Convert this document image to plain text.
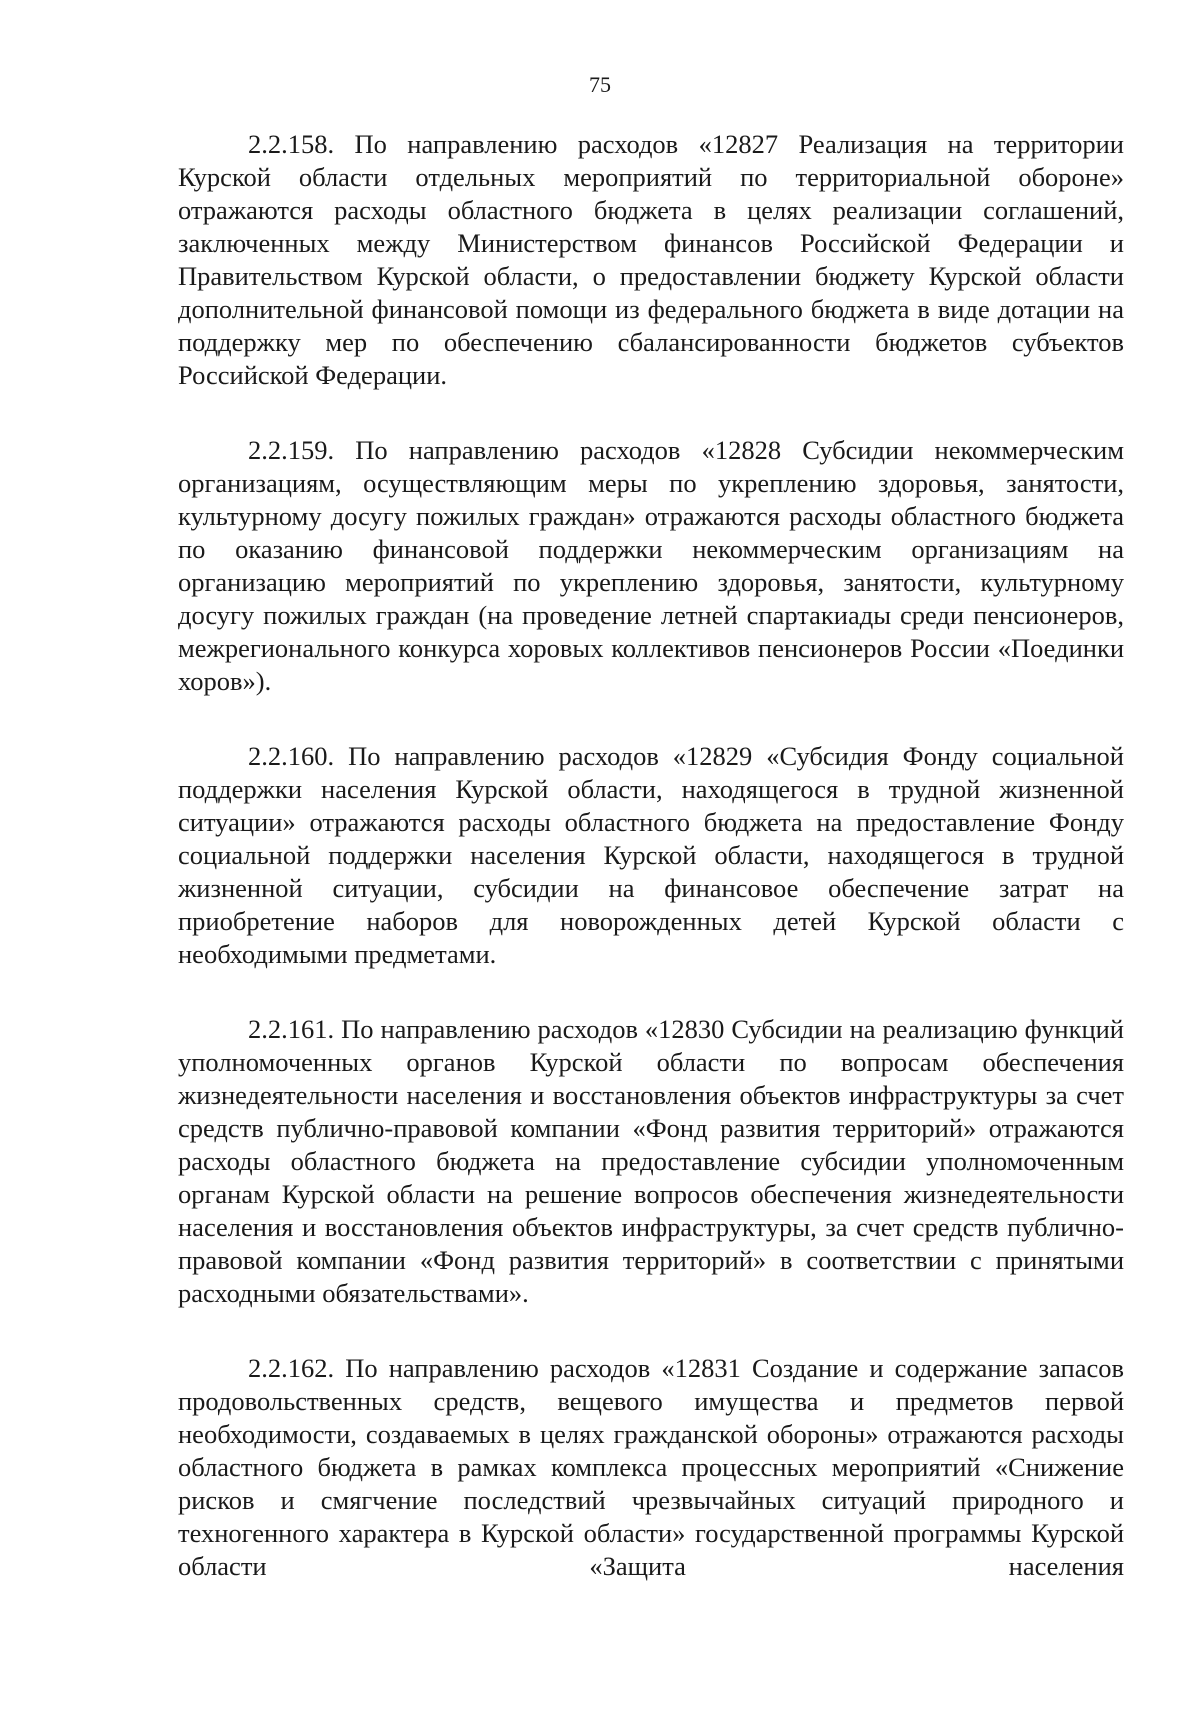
75

2.2.158. По направлению расходов «12827 Реализация на территории Курской области отдельных мероприятий по территориальной обороне» отражаются расходы областного бюджета в целях реализации соглашений, заключенных между Министерством финансов Российской Федерации и Правительством Курской области, о предоставлении бюджету Курской области дополнительной финансовой помощи из федерального бюджета в виде дотации на поддержку мер по обеспечению сбалансированности бюджетов субъектов Российской Федерации.

2.2.159. По направлению расходов «12828 Субсидии некоммерческим организациям, осуществляющим меры по укреплению здоровья, занятости, культурному досугу пожилых граждан» отражаются расходы областного бюджета по оказанию финансовой поддержки некоммерческим организациям на организацию мероприятий по укреплению здоровья, занятости, культурному досугу пожилых граждан (на проведение летней спартакиады среди пенсионеров, межрегионального конкурса хоровых коллективов пенсионеров России «Поединки хоров»).

2.2.160. По направлению расходов «12829 «Субсидия Фонду социальной поддержки населения Курской области, находящегося в трудной жизненной ситуации» отражаются расходы областного бюджета на предоставление Фонду социальной поддержки населения Курской области, находящегося в трудной жизненной ситуации, субсидии на финансовое обеспечение затрат на приобретение наборов для новорожденных детей Курской области с необходимыми предметами.

2.2.161. По направлению расходов «12830 Субсидии на реализацию функций уполномоченных органов Курской области по вопросам обеспечения жизнедеятельности населения и восстановления объектов инфраструктуры за счет средств публично-правовой компании «Фонд развития территорий» отражаются расходы областного бюджета на предоставление субсидии уполномоченным органам Курской области на решение вопросов обеспечения жизнедеятельности населения и восстановления объектов инфраструктуры, за счет средств публично-правовой компании «Фонд развития территорий» в соответствии с принятыми расходными обязательствами».

2.2.162. По направлению расходов «12831 Создание и содержание запасов продовольственных средств, вещевого имущества и предметов первой необходимости, создаваемых в целях гражданской обороны» отражаются расходы областного бюджета в рамках комплекса процессных мероприятий «Снижение рисков и смягчение последствий чрезвычайных ситуаций природного и техногенного характера в Курской области» государственной программы Курской области «Защита населения
